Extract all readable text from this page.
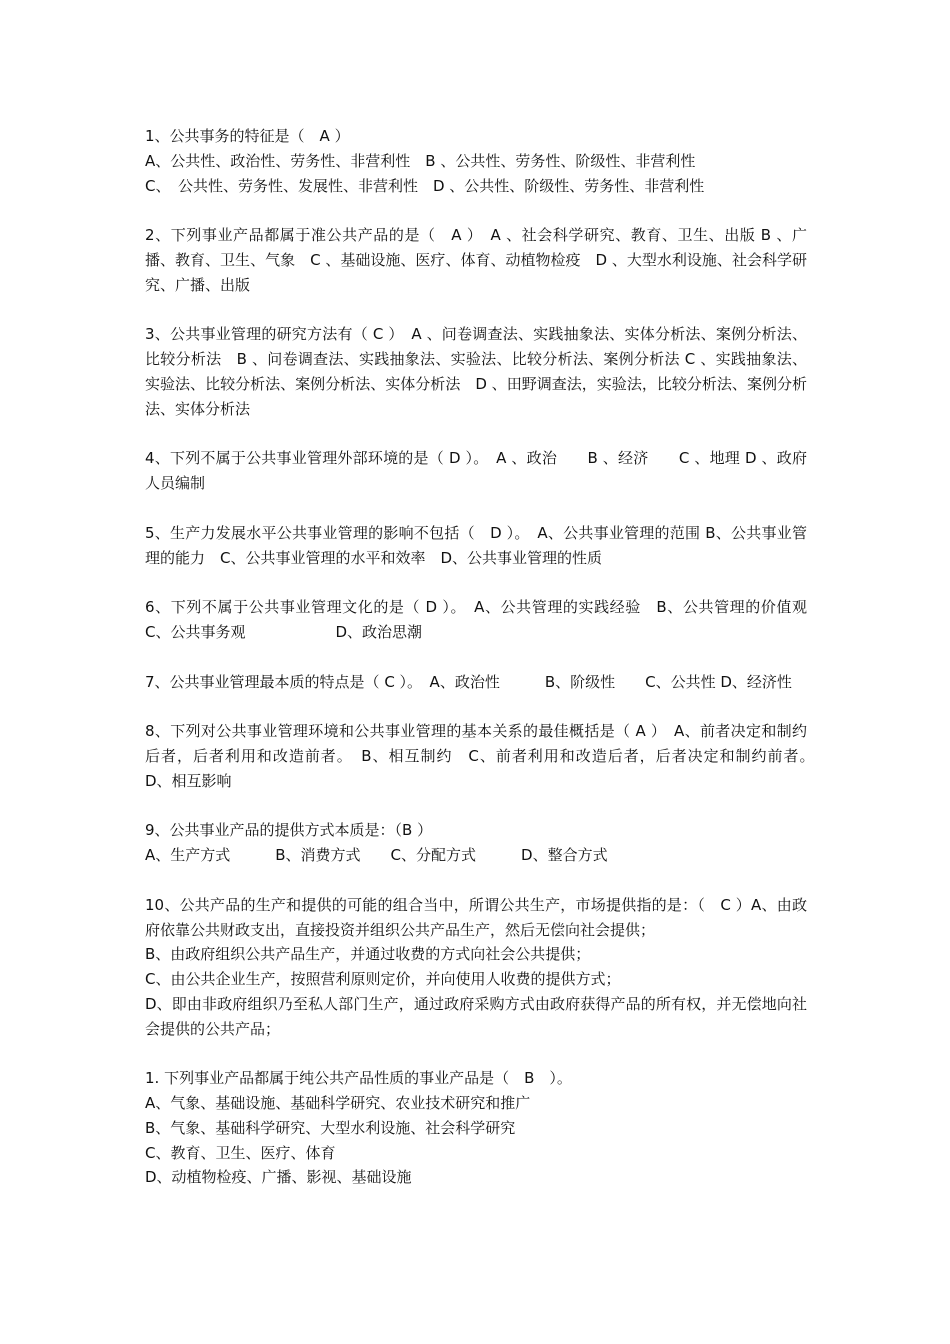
1、公共事务的特征是（　A ）
A、公共性、政治性、劳务性、非营利性　B 、公共性、劳务性、阶级性、非营利性
C、　公共性、劳务性、发展性、非营利性　D 、公共性、阶级性、劳务性、非营利性
2、下列事业产品都属于准公共产品的是（　A ）　A 、社会科学研究、教育、卫生、出版 B 、广播、教育、卫生、气象　C 、基础设施、医疗、体育、动植物检疫　D 、大型水利设施、社会科学研究、广播、出版
3、公共事业管理的研究方法有（ C ）　A 、问卷调查法、实践抽象法、实体分析法、案例分析法、比较分析法　B 、问卷调查法、实践抽象法、实验法、比较分析法、案例分析法 C 、实践抽象法、实验法、比较分析法、案例分析法、实体分析法　D 、田野调查法，实验法，比较分析法、案例分析法、实体分析法
4、下列不属于公共事业管理外部环境的是（ D ）。　A 、政治　　B 、经济　　C 、地理 D 、政府人员编制
5、生产力发展水平公共事业管理的影响不包括（　D ）。　A、公共事业管理的范围 B、公共事业管理的能力　C、公共事业管理的水平和效率　D、公共事业管理的性质
6、下列不属于公共事业管理文化的是（ D ）。　A、公共管理的实践经验　B、公共管理的价值观 C、公共事务观　　　　　　D、政治思潮
7、公共事业管理最本质的特点是（ C ）。　A、政治性　　　B、阶级性　　C、公共性 D、经济性
8、下列对公共事业管理环境和公共事业管理的基本关系的最佳概括是（ A ）　A、前者决定和制约后者，后者利用和改造前者。　B、相互制约　C、前者利用和改造后者，后者决定和制约前者。　D、相互影响
9、公共事业产品的提供方式本质是：（B ）
A、生产方式　　　B、消费方式　　C、分配方式　　　D、整合方式
10、公共产品的生产和提供的可能的组合当中，所谓公共生产，市场提供指的是：（　C ）A、由政府依靠公共财政支出，直接投资并组织公共产品生产，然后无偿向社会提供；
B、由政府组织公共产品生产，并通过收费的方式向社会公共提供；
C、由公共企业生产，按照营利原则定价，并向使用人收费的提供方式；
D、即由非政府组织乃至私人部门生产，通过政府采购方式由政府获得产品的所有权，并无偿地向社会提供的公共产品；
1. 下列事业产品都属于纯公共产品性质的事业产品是（　B　）。
A、气象、基础设施、基础科学研究、农业技术研究和推广
B、气象、基础科学研究、大型水利设施、社会科学研究
C、教育、卫生、医疗、体育
D、动植物检疫、广播、影视、基础设施
